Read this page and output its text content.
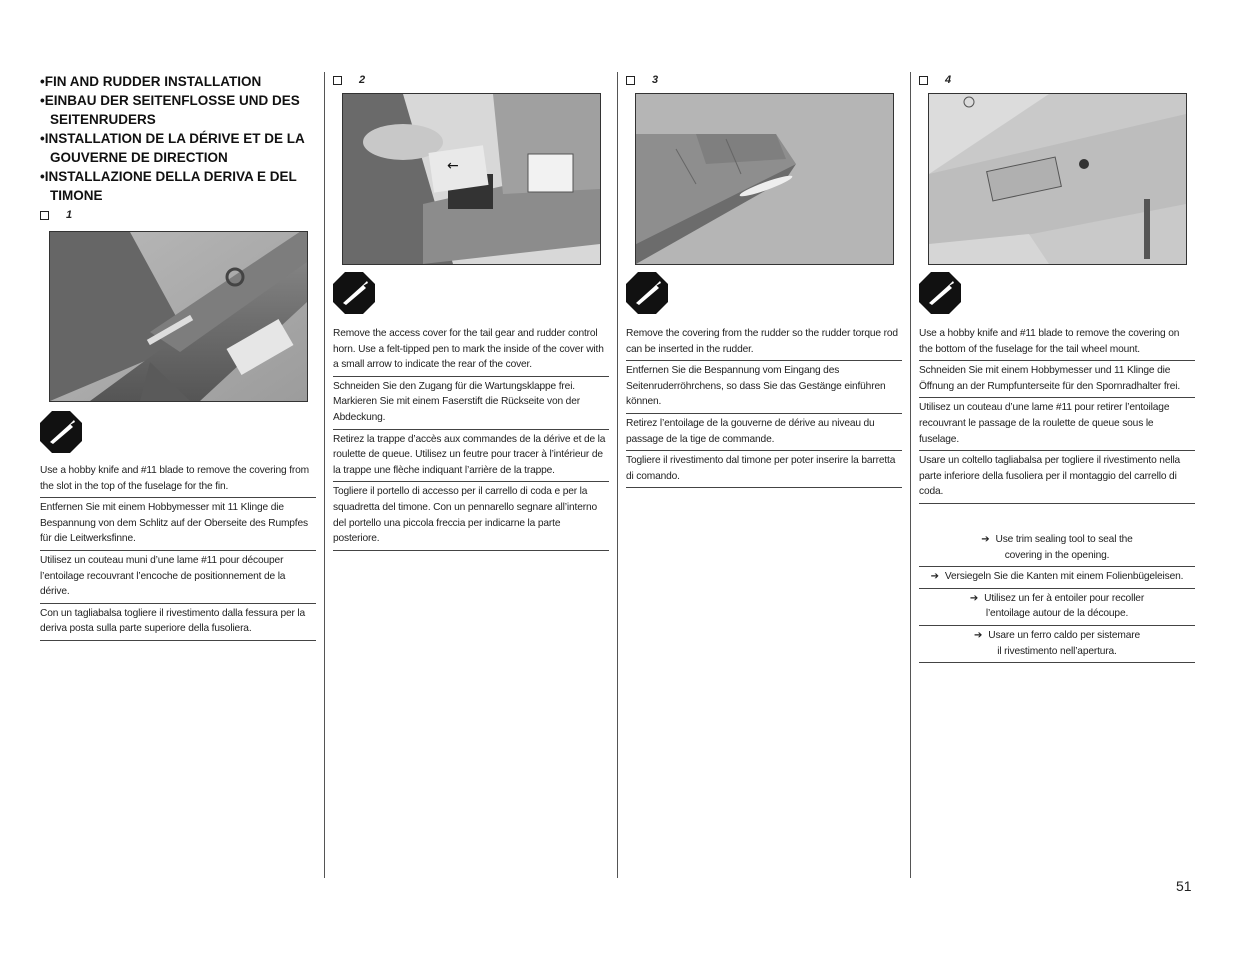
•FIN AND RUDDER INSTALLATION
•EINBAU DER SEITENFLOSSE UND DES SEITENRUDERS
•INSTALLATION DE LA DÉRIVE ET DE LA GOUVERNE DE DIRECTION
•INSTALLAZIONE DELLA DERIVA E DEL TIMONE
1
Use a hobby knife and #11 blade to remove the covering from the slot in the top of the fuselage for the fin.
Entfernen Sie mit einem Hobbymesser mit 11 Klinge die Bespannung von dem Schlitz auf der Oberseite des Rumpfes für die Leitwerksfinne.
Utilisez un couteau muni d’une lame #11 pour découper l’entoilage recouvrant l’encoche de positionnement de la dérive.
Con un tagliabalsa togliere il rivestimento dalla fessura per la deriva posta sulla parte superiore della fusoliera.
2
←
Remove the access cover for the tail gear and rudder control horn. Use a felt-tipped pen to mark the inside of the cover with a small arrow to indicate the rear of the cover.
Schneiden Sie den Zugang für die Wartungsklappe frei. Markieren Sie mit einem Faserstift die Rückseite von der Abdeckung.
Retirez la trappe d’accès aux commandes de la dérive et de la roulette de queue. Utilisez un feutre pour tracer à l’intérieur de la trappe une flèche indiquant l’arrière de la trappe.
Togliere il portello di accesso per il carrello di coda e per la squadretta del timone. Con un pennarello segnare all’interno del portello una piccola freccia per indicarne la parte posteriore.
3
Remove the covering from the rudder so the rudder torque rod can be inserted in the rudder.
Entfernen Sie die Bespannung vom Eingang des Seitenruderröhrchens, so dass Sie das Gestänge einführen können.
Retirez l’entoilage de la gouverne de dérive au niveau du passage de la tige de commande.
Togliere il rivestimento dal timone per poter inserire la barretta di comando.
4
Use a hobby knife and #11 blade to remove the covering on the bottom of the fuselage for the tail wheel mount.
Schneiden Sie mit einem Hobbymesser und 11 Klinge die Öffnung an der Rumpfunterseite für den Spornradhalter frei.
Utilisez un couteau d’une lame #11 pour retirer l’entoilage recouvrant le passage de la roulette de queue sous le fuselage.
Usare un coltello tagliabalsa per togliere il rivestimento nella parte inferiore della fusoliera per il montaggio del carrello di coda.
➔ Use trim sealing tool to seal the
covering in the opening.
➔ Versiegeln Sie die Kanten mit einem Folienbügeleisen.
➔ Utilisez un fer à entoiler pour recoller
l’entoilage autour de la découpe.
➔ Usare un ferro caldo per sistemare
il rivestimento nell’apertura.
51
